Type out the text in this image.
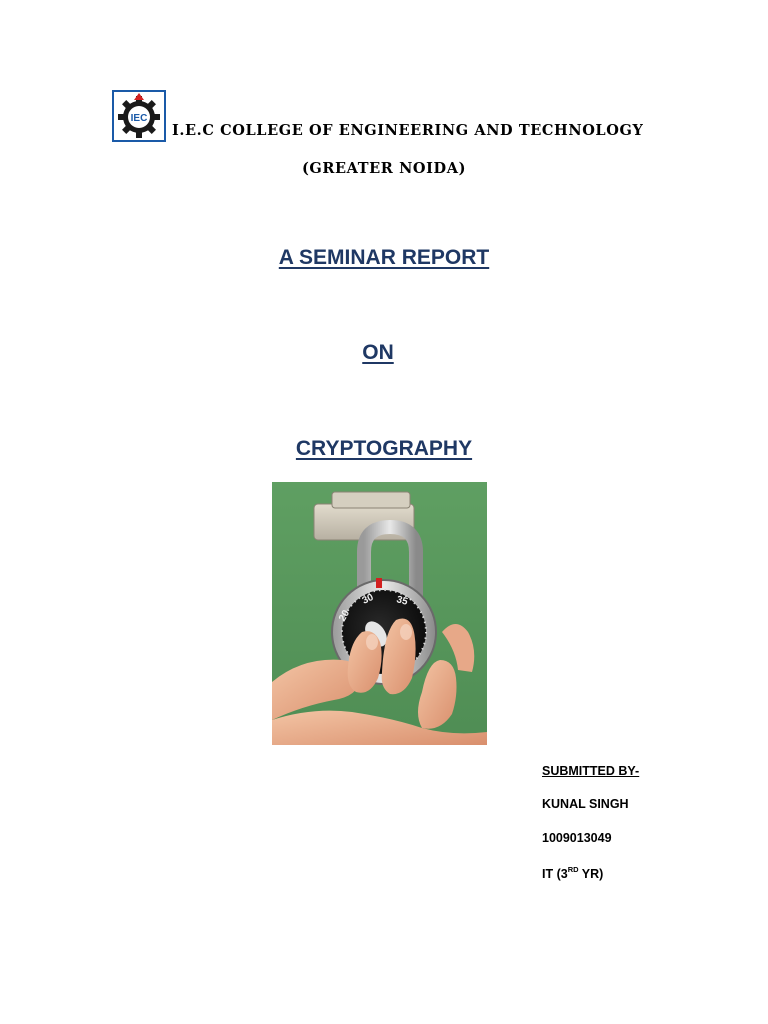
IEC
I.E.C COLLEGE OF ENGINEERING AND TECHNOLOGY
(GREATER NOIDA)
A SEMINAR REPORT
ON
CRYPTOGRAPHY
20
30 35
SUBMITTED BY-
KUNAL SINGH
1009013049
IT (3RD YR)
